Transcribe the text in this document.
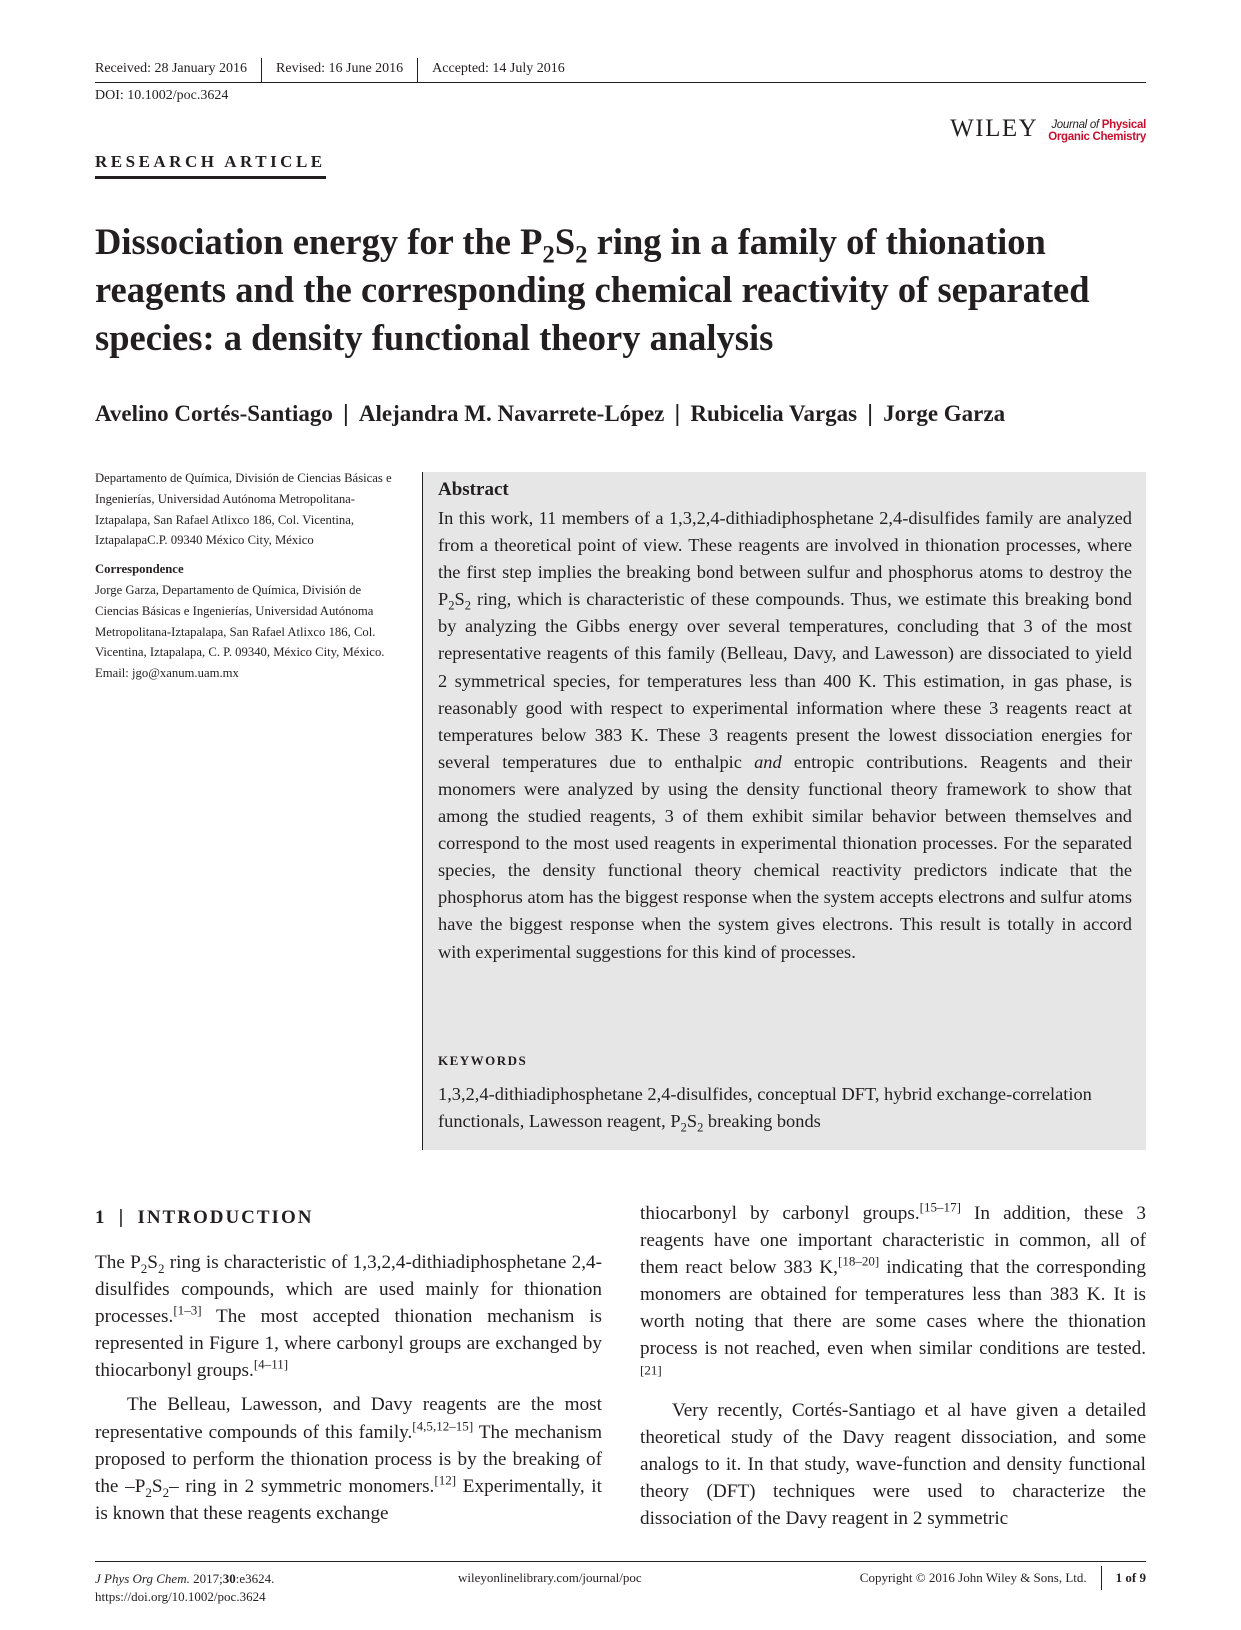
Received: 28 January 2016	Revised: 16 June 2016	Accepted: 14 July 2016
DOI: 10.1002/poc.3624
WILEY Journal of Physical
Organic Chemistry
RESEARCH ARTICLE
Dissociation energy for the $P_2S_2$ ring in a family of thionation reagents and the corresponding chemical reactivity of separated species: a density functional theory analysis
Avelino Cortés-Santiago | Alejandra M. Navarrete-López | Rubicelia Vargas | Jorge Garza

Departamento de Química, División de Ciencias Básicas e Ingenierías, Universidad Autónoma Metropolitana-Iztapalapa, San Rafael Atlixco 186, Col. Vicentina, IztapalapaC.P. 09340 México City, México

Correspondence
Jorge Garza, Departamento de Química, División de Ciencias Básicas e Ingenierías, Universidad Autónoma Metropolitana-Iztapalapa, San Rafael Atlixco 186, Col. Vicentina, Iztapalapa, C. P. 09340, México City, México.
Email: jgo@xanum.uam.mx

Abstract
In this work, 11 members of a 1,3,2,4-dithiadiphosphetane 2,4-disulfides family are analyzed from a theoretical point of view. These reagents are involved in thionation processes, where the first step implies the breaking bond between sulfur and phosphorus atoms to destroy the $P_2S_2$ ring, which is characteristic of these compounds. Thus, we estimate this breaking bond by analyzing the Gibbs energy over several temperatures, concluding that 3 of the most representative reagents of this family (Belleau, Davy, and Lawesson) are dissociated to yield 2 symmetrical species, for temperatures less than 400 K. This estimation, in gas phase, is reasonably good with respect to experimental information where these 3 reagents react at temperatures below 383 K. These 3 reagents present the lowest dissociation energies for several temperatures due to enthalpic and entropic contributions. Reagents and their monomers were analyzed by using the density functional theory framework to show that among the studied reagents, 3 of them exhibit similar behavior between themselves and correspond to the most used reagents in experimental thionation processes. For the separated species, the density functional theory chemical reactivity predictors indicate that the phosphorus atom has the biggest response when the system accepts electrons and sulfur atoms have the biggest response when the system gives electrons. This result is totally in accord with experimental suggestions for this kind of processes.
KEYWORDS
1,3,2,4-dithiadiphosphetane 2,4-disulfides, conceptual DFT, hybrid exchange-correlation functionals, Lawesson reagent, $P_2S_2$ breaking bonds
1 | INTRODUCTION

The $P_2S_2$ ring is characteristic of 1,3,2,4-dithiadiphosphetane 2,4-disulfides compounds, which are used mainly for thionation processes.[1–3] The most accepted thionation mechanism is represented in Figure 1, where carbonyl groups are exchanged by thiocarbonyl groups.[4–11]

The Belleau, Lawesson, and Davy reagents are the most representative compounds of this family.[4,5,12–15] The mechanism proposed to perform the thionation process is by the breaking of the $-P_2S_2-$ ring in 2 symmetric monomers.[12] Experimentally, it is known that these reagents exchange

thiocarbonyl by carbonyl groups.[15–17] In addition, these 3 reagents have one important characteristic in common, all of them react below 383 K,[18–20] indicating that the corresponding monomers are obtained for temperatures less than 383 K. It is worth noting that there are some cases where the thionation process is not reached, even when similar conditions are tested.[21]

Very recently, Cortés-Santiago et al have given a detailed theoretical study of the Davy reagent dissociation, and some analogs to it. In that study, wave-function and density functional theory (DFT) techniques were used to characterize the dissociation of the Davy reagent in 2 symmetric

J Phys Org Chem. 2017;30:e3624.
https://doi.org/10.1002/poc.3624
wileyonlinelibrary.com/journal/poc	Copyright © 2016 John Wiley & Sons, Ltd.	1 of 9
